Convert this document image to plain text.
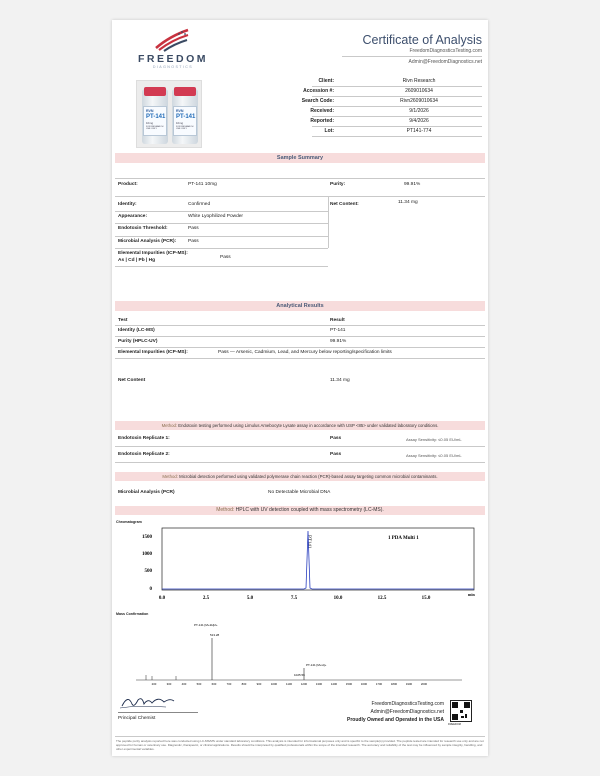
FREEDOM
DIAGNOSTICS
Certificate of Analysis
FreedomDiagnosticsTesting.com
Admin@FreedomDiagnostics.net
RVN
PT-141
10mg
FOR RESEARCH USE ONLY
RVN
PT-141
10mg
FOR RESEARCH USE ONLY
Client:	Rivn Research
Accession #:	2609010634
Search Code:	Rivn2609010634
Received:	9/1/2026
Reported:	9/4/2026
Lot:	PT141-774
Sample Summary
Product:	PT-141 10mg	Purity:	99.91%
Identity:	Confirmed	Net Content:	11.34 mg
Appearance:	White Lyophilized Powder
Endotoxin Threshold:	Pass
Microbial Analysis (PCR): Pass
Elemental Impurities (ICP-MS):
As | Cd | Pb | Hg
Pass
Analytical Results
Test	Result
Identity (LC-MS)	PT-141
Purity (HPLC-UV)	99.91%
Elemental Impurities (ICP-MS):	Pass — Arsenic, Cadmium, Lead, and Mercury below reporting/specification limits
Net Content	11.34 mg
Method: Endotoxin testing performed using Limulus Amebocyte Lysate assay in accordance with USP <85> under validated laboratory conditions.
Endotoxin Replicate 1:	Pass	Assay Sensitivity: ≤0.05 EU/mL
Endotoxin Replicate 2:	Pass	Assay Sensitivity: ≤0.05 EU/mL
Method: Microbial detection performed using validated polymerase chain reaction (PCR)-based assay targeting common microbial contaminants.
Microbial Analysis (PCR)	No Detectable Microbial DNA
Method: HPLC with UV detection coupled with mass spectrometry (LC-MS).
Chromatogram
1 PDA Multi 1
PT141
1500
1000
500
0
0.0	2.5	5.0	7.5	10.0	12.5	15.0
min
Mass Confirmation
PT-141 [M+2H]2+
513.28
PT-141 [M+H]+
1025.56
200	300	400	500	600	700	800	900	1000	1100	1200	1300	1400	1500	1600	1700	1800	1900	2000
Principal Chemist
FreedomDiagnosticsTesting.com
Admin@FreedomDiagnostics.net
Proudly Owned and Operated in the USA
FREEDOM
The peptide purity analysis reported here was conducted using LC-MS/MS under standard laboratory conditions. This analysis is intended for informational purposes only and is specific to the sample(s) provided. The peptide tested are intended for research use only and are not approved for human or veterinary use. Diagnostic, therapeutic, or clinical applications. Results should be interpreted by qualified professionals within the scope of the intended research. The accuracy and reliability of the test may be influenced by sample integrity, handling, and other experimental variables.
